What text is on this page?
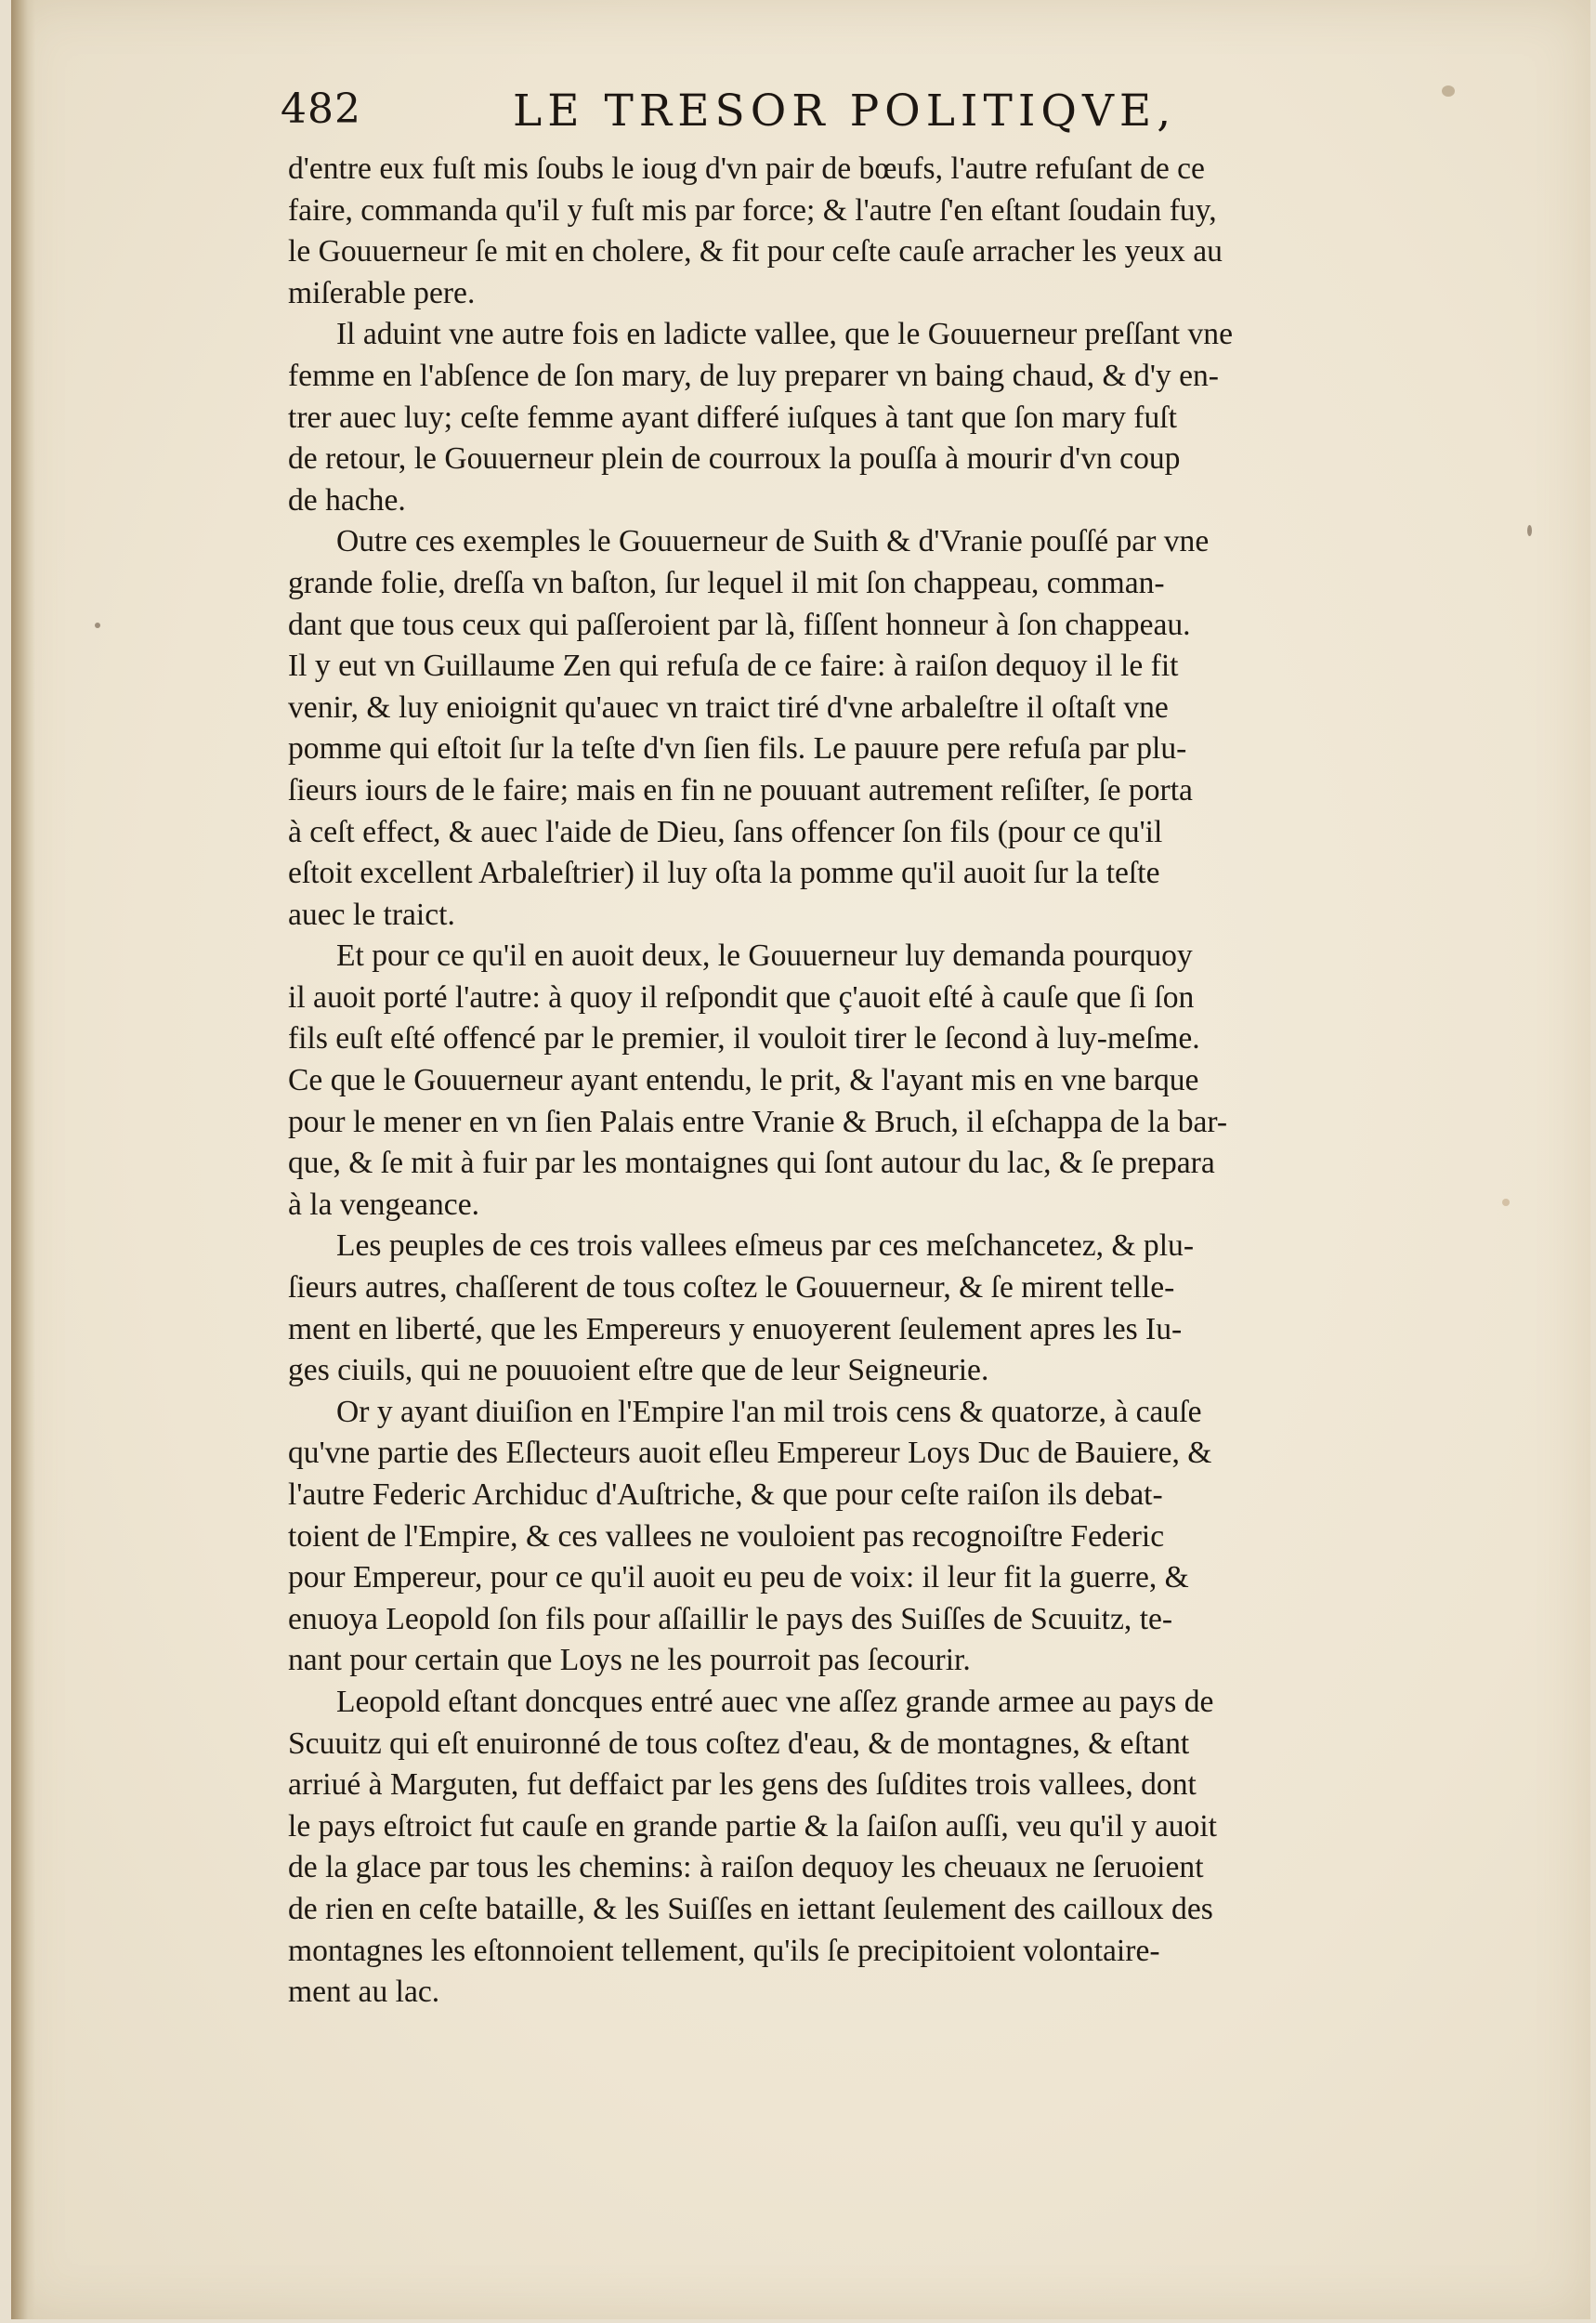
482	LE TRESOR POLITIQVE,
d'entre eux fuſt mis ſoubs le ioug d'vn pair de bœufs, l'autre refuſant de ce
faire, commanda qu'il y fuſt mis par force; & l'autre ſ'en eſtant ſoudain fuy,
le Gouuerneur ſe mit en cholere, & fit pour ceſte cauſe arracher les yeux au
miſerable pere.
Il aduint vne autre fois en ladicte vallee, que le Gouuerneur preſſant vne
femme en l'abſence de ſon mary, de luy preparer vn baing chaud, & d'y en-
trer auec luy; ceſte femme ayant differé iuſques à tant que ſon mary fuſt
de retour, le Gouuerneur plein de courroux la pouſſa à mourir d'vn coup
de hache.
Outre ces exemples le Gouuerneur de Suith & d'Vranie pouſſé par vne
grande folie, dreſſa vn baſton, ſur lequel il mit ſon chappeau, comman-
dant que tous ceux qui paſſeroient par là, fiſſent honneur à ſon chappeau.
Il y eut vn Guillaume Zen qui refuſa de ce faire: à raiſon dequoy il le fit
venir, & luy enioignit qu'auec vn traict tiré d'vne arbaleſtre il oſtaſt vne
pomme qui eſtoit ſur la teſte d'vn ſien fils. Le pauure pere refuſa par plu-
ſieurs iours de le faire; mais en fin ne pouuant autrement reſiſter, ſe porta
à ceſt effect, & auec l'aide de Dieu, ſans offencer ſon fils (pour ce qu'il
eſtoit excellent Arbaleſtrier) il luy oſta la pomme qu'il auoit ſur la teſte
auec le traict.
Et pour ce qu'il en auoit deux, le Gouuerneur luy demanda pourquoy
il auoit porté l'autre: à quoy il reſpondit que ç'auoit eſté à cauſe que ſi ſon
fils euſt eſté offencé par le premier, il vouloit tirer le ſecond à luy-meſme.
Ce que le Gouuerneur ayant entendu, le prit, & l'ayant mis en vne barque
pour le mener en vn ſien Palais entre Vranie & Bruch, il eſchappa de la bar-
que, & ſe mit à fuir par les montaignes qui ſont autour du lac, & ſe prepara
à la vengeance.
Les peuples de ces trois vallees eſmeus par ces meſchancetez, & plu-
ſieurs autres, chaſſerent de tous coſtez le Gouuerneur, & ſe mirent telle-
ment en liberté, que les Empereurs y enuoyerent ſeulement apres les Iu-
ges ciuils, qui ne pouuoient eſtre que de leur Seigneurie.
Or y ayant diuiſion en l'Empire l'an mil trois cens & quatorze, à cauſe
qu'vne partie des Eſlecteurs auoit eſleu Empereur Loys Duc de Bauiere, &
l'autre Federic Archiduc d'Auſtriche, & que pour ceſte raiſon ils debat-
toient de l'Empire, & ces vallees ne vouloient pas recognoiſtre Federic
pour Empereur, pour ce qu'il auoit eu peu de voix: il leur fit la guerre, &
enuoya Leopold ſon fils pour aſſaillir le pays des Suiſſes de Scuuitz, te-
nant pour certain que Loys ne les pourroit pas ſecourir.
Leopold eſtant doncques entré auec vne aſſez grande armee au pays de
Scuuitz qui eſt enuironné de tous coſtez d'eau, & de montagnes, & eſtant
arriué à Marguten, fut deffaict par les gens des ſuſdites trois vallees, dont
le pays eſtroict fut cauſe en grande partie & la ſaiſon auſſi, veu qu'il y auoit
de la glace par tous les chemins: à raiſon dequoy les cheuaux ne ſeruoient
de rien en ceſte bataille, & les Suiſſes en iettant ſeulement des cailloux des
montagnes les eſtonnoient tellement, qu'ils ſe precipitoient volontaire-
ment au lac.
